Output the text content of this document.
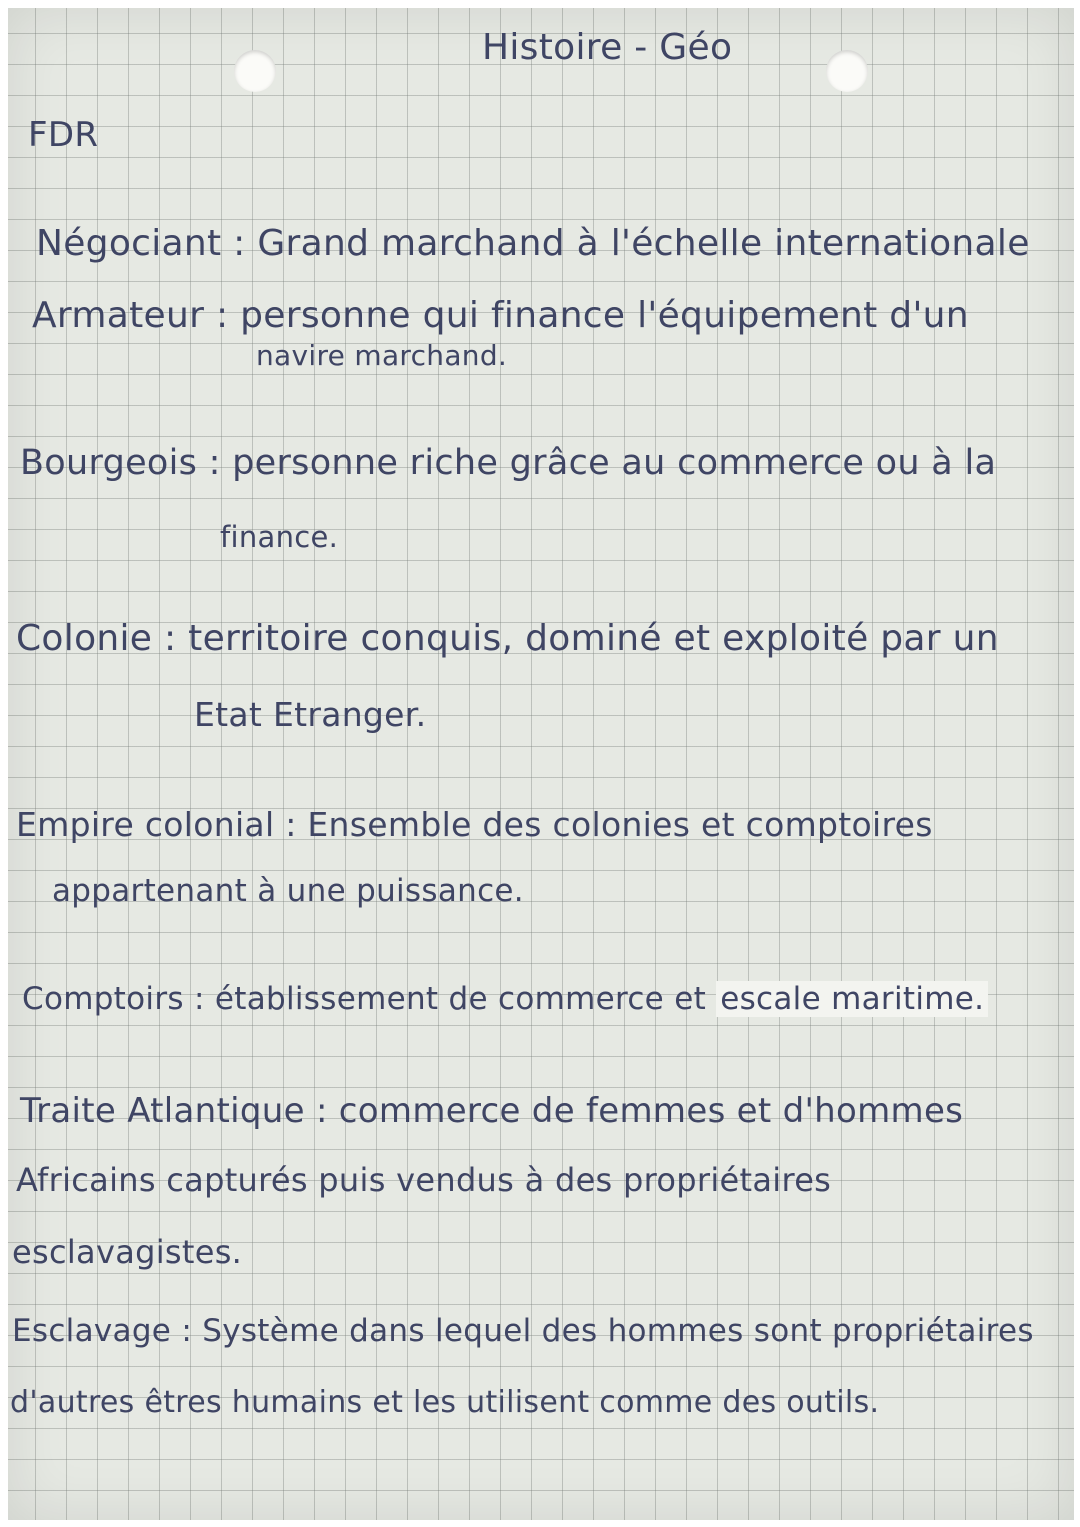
Histoire - Géo
FDR
Négociant : Grand marchand à l'échelle internationale
Armateur : personne qui finance l'équipement d'un
navire marchand.
Bourgeois : personne riche grâce au commerce ou à la
finance.
Colonie : territoire conquis, dominé et exploité par un
Etat Etranger.
Empire colonial : Ensemble des colonies et comptoires
appartenant à une puissance.
Comptoirs : établissement de commerce et escale maritime.
Traite Atlantique : commerce de femmes et d'hommes
Africains capturés puis vendus à des propriétaires
esclavagistes.
Esclavage : Système dans lequel des hommes sont propriétaires
d'autres êtres humains et les utilisent comme des outils.
